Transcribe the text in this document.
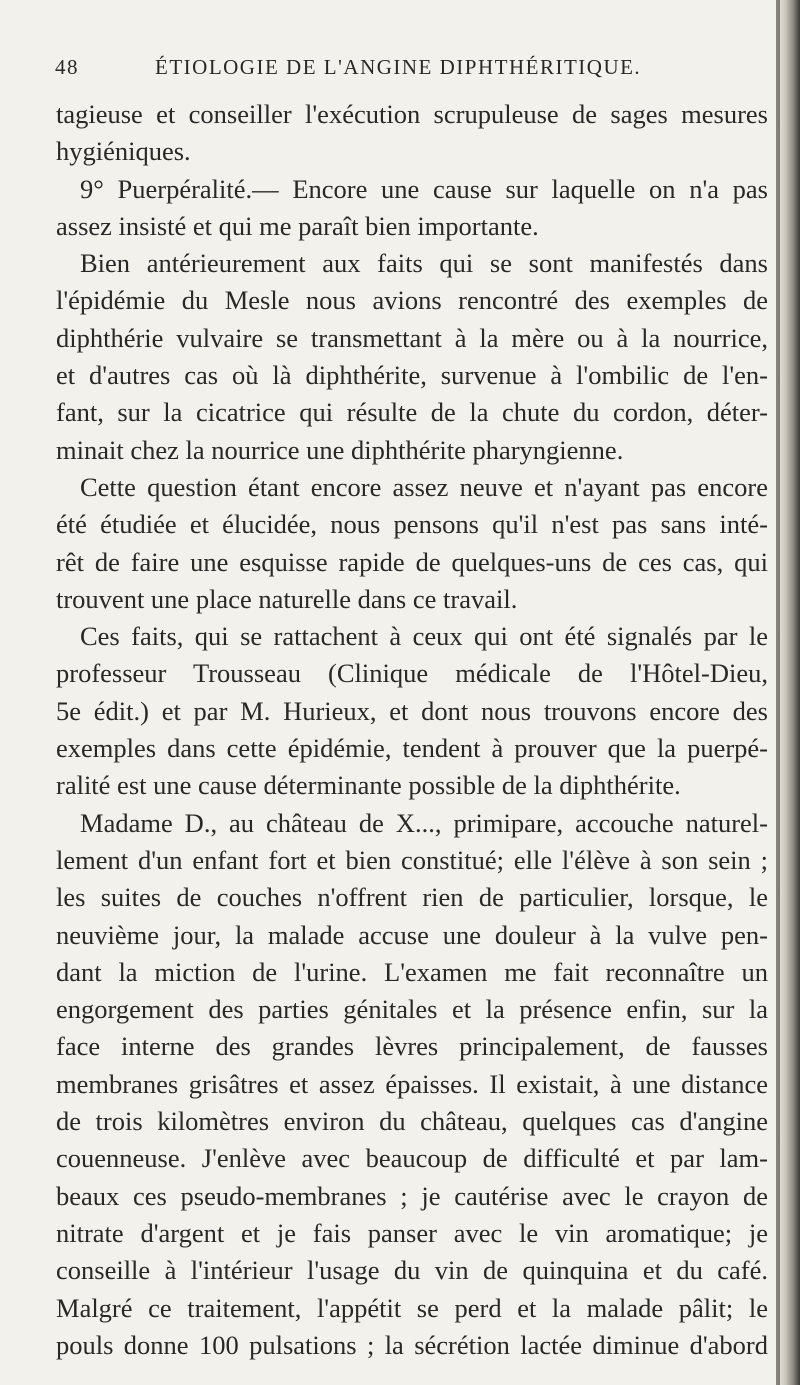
48	ÉTIOLOGIE DE L'ANGINE DIPHTHÉRITIQUE.
tagieuse et conseiller l'exécution scrupuleuse de sages mesures
hygiéniques.
9° Puerpéralité.— Encore une cause sur laquelle on n'a pas
assez insisté et qui me paraît bien importante.
Bien antérieurement aux faits qui se sont manifestés dans
l'épidémie du Mesle nous avions rencontré des exemples de
diphthérie vulvaire se transmettant à la mère ou à la nourrice,
et d'autres cas où là diphthérite, survenue à l'ombilic de l'en-
fant, sur la cicatrice qui résulte de la chute du cordon, déter-
minait chez la nourrice une diphthérite pharyngienne.
Cette question étant encore assez neuve et n'ayant pas encore
été étudiée et élucidée, nous pensons qu'il n'est pas sans inté-
rêt de faire une esquisse rapide de quelques-uns de ces cas, qui
trouvent une place naturelle dans ce travail.
Ces faits, qui se rattachent à ceux qui ont été signalés par le
professeur Trousseau (Clinique médicale de l'Hôtel-Dieu,
5e édit.) et par M. Hurieux, et dont nous trouvons encore des
exemples dans cette épidémie, tendent à prouver que la puerpé-
ralité est une cause déterminante possible de la diphthérite.
Madame D., au château de X..., primipare, accouche naturel-
lement d'un enfant fort et bien constitué; elle l'élève à son sein ;
les suites de couches n'offrent rien de particulier, lorsque, le
neuvième jour, la malade accuse une douleur à la vulve pen-
dant la miction de l'urine. L'examen me fait reconnaître un
engorgement des parties génitales et la présence enfin, sur la
face interne des grandes lèvres principalement, de fausses
membranes grisâtres et assez épaisses. Il existait, à une distance
de trois kilomètres environ du château, quelques cas d'angine
couenneuse. J'enlève avec beaucoup de difficulté et par lam-
beaux ces pseudo-membranes ; je cautérise avec le crayon de
nitrate d'argent et je fais panser avec le vin aromatique; je
conseille à l'intérieur l'usage du vin de quinquina et du café.
Malgré ce traitement, l'appétit se perd et la malade pâlit; le
pouls donne 100 pulsations ; la sécrétion lactée diminue d'abord
